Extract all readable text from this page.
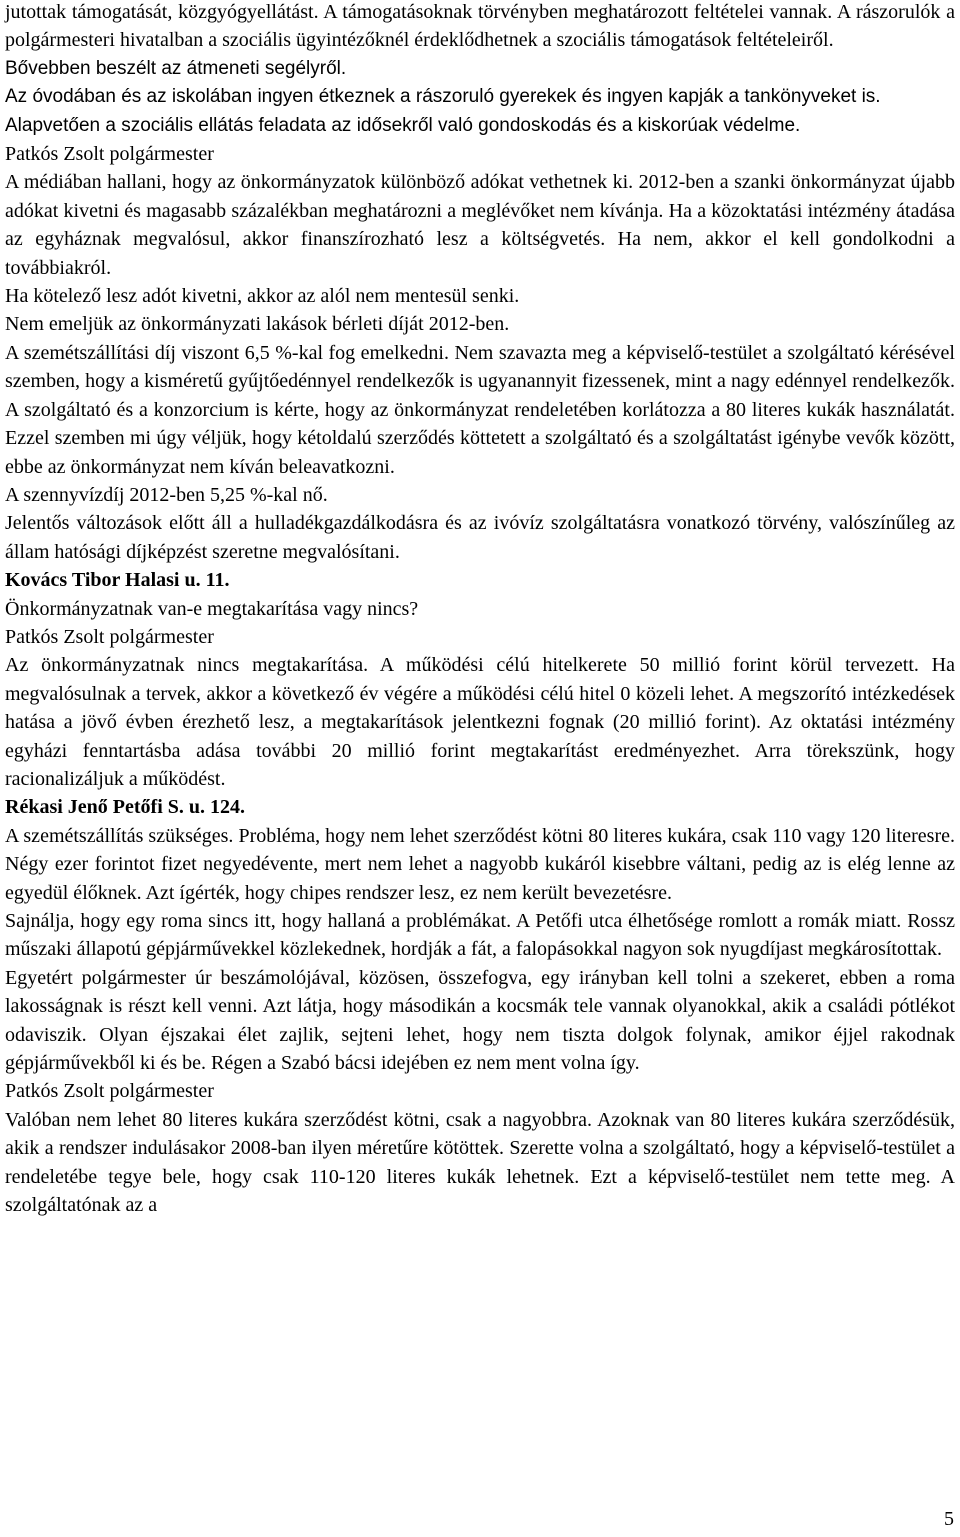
jutottak támogatását, közgyógyellátást. A támogatásoknak törvényben meghatározott feltételei vannak. A rászorulók a polgármesteri hivatalban a szociális ügyintézőknél érdeklődhetnek a szociális támogatások feltételeiről.

Bővebben beszélt az átmeneti segélyről.

Az óvodában és az iskolában ingyen étkeznek a rászoruló gyerekek és ingyen kapják a tankönyveket is.

Alapvetően a szociális ellátás feladata az idősekről való gondoskodás és a kiskorúak védelme.

Patkós Zsolt polgármester

A médiában hallani, hogy az önkormányzatok különböző adókat vethetnek ki. 2012-ben a szanki önkormányzat újabb adókat kivetni és magasabb százalékban meghatározni a meglévőket nem kívánja. Ha a közoktatási intézmény átadása az egyháznak megvalósul, akkor finanszírozható lesz a költségvetés. Ha nem, akkor el kell gondolkodni a továbbiakról.

Ha kötelező lesz adót kivetni, akkor az alól nem mentesül senki.

Nem emeljük az önkormányzati lakások bérleti díját 2012-ben.

A szemétszállítási díj viszont 6,5 %-kal fog emelkedni. Nem szavazta meg a képviselő-testület a szolgáltató kérésével szemben, hogy a kisméretű gyűjtőedénnyel rendelkezők is ugyanannyit fizessenek, mint a nagy edénnyel rendelkezők. A szolgáltató és a konzorcium is kérte, hogy az önkormányzat rendeletében korlátozza a 80 literes kukák használatát. Ezzel szemben mi úgy véljük, hogy kétoldalú szerződés köttetett a szolgáltató és a szolgáltatást igénybe vevők között, ebbe az önkormányzat nem kíván beleavatkozni.

A szennyvízdíj 2012-ben 5,25 %-kal nő.

Jelentős változások előtt áll a hulladékgazdálkodásra és az ivóvíz szolgáltatásra vonatkozó törvény, valószínűleg az állam hatósági díjképzést szeretne megvalósítani.

Kovács Tibor Halasi u. 11.

Önkormányzatnak van-e megtakarítása vagy nincs?

Patkós Zsolt polgármester

Az önkormányzatnak nincs megtakarítása. A működési célú hitelkerete 50 millió forint körül tervezett. Ha megvalósulnak a tervek, akkor a következő év végére a működési célú hitel 0 közeli lehet. A megszorító intézkedések hatása a jövő évben érezhető lesz, a megtakarítások jelentkezni fognak (20 millió forint). Az oktatási intézmény egyházi fenntartásba adása további 20 millió forint megtakarítást eredményezhet. Arra törekszünk, hogy racionalizáljuk a működést.

Rékasi Jenő Petőfi S. u. 124.

A szemétszállítás szükséges. Probléma, hogy nem lehet szerződést kötni 80 literes kukára, csak 110 vagy 120 literesre. Négy ezer forintot fizet negyedévente, mert nem lehet a nagyobb kukáról kisebbre váltani, pedig az is elég lenne az egyedül élőknek. Azt ígérték, hogy chipes rendszer lesz, ez nem került bevezetésre.

Sajnálja, hogy egy roma sincs itt, hogy hallaná a problémákat. A Petőfi utca élhetősége romlott a romák miatt. Rossz műszaki állapotú gépjárművekkel közlekednek, hordják a fát, a falopásokkal nagyon sok nyugdíjast megkárosítottak.

Egyetért polgármester úr beszámolójával, közösen, összefogva, egy irányban kell tolni a szekeret, ebben a roma lakosságnak is részt kell venni. Azt látja, hogy másodikán a kocsmák tele vannak olyanokkal, akik a családi pótlékot odaviszik. Olyan éjszakai élet zajlik, sejteni lehet, hogy nem tiszta dolgok folynak, amikor éjjel rakodnak gépjárművekből ki és be. Régen a Szabó bácsi idejében ez nem ment volna így.

Patkós Zsolt polgármester

Valóban nem lehet 80 literes kukára szerződést kötni, csak a nagyobbra. Azoknak van 80 literes kukára szerződésük, akik a rendszer indulásakor 2008-ban ilyen méretűre kötöttek. Szerette volna a szolgáltató, hogy a képviselő-testület a rendeletébe tegye bele, hogy csak 110-120 literes kukák lehetnek. Ezt a képviselő-testület nem tette meg. A szolgáltatónak az a

5
